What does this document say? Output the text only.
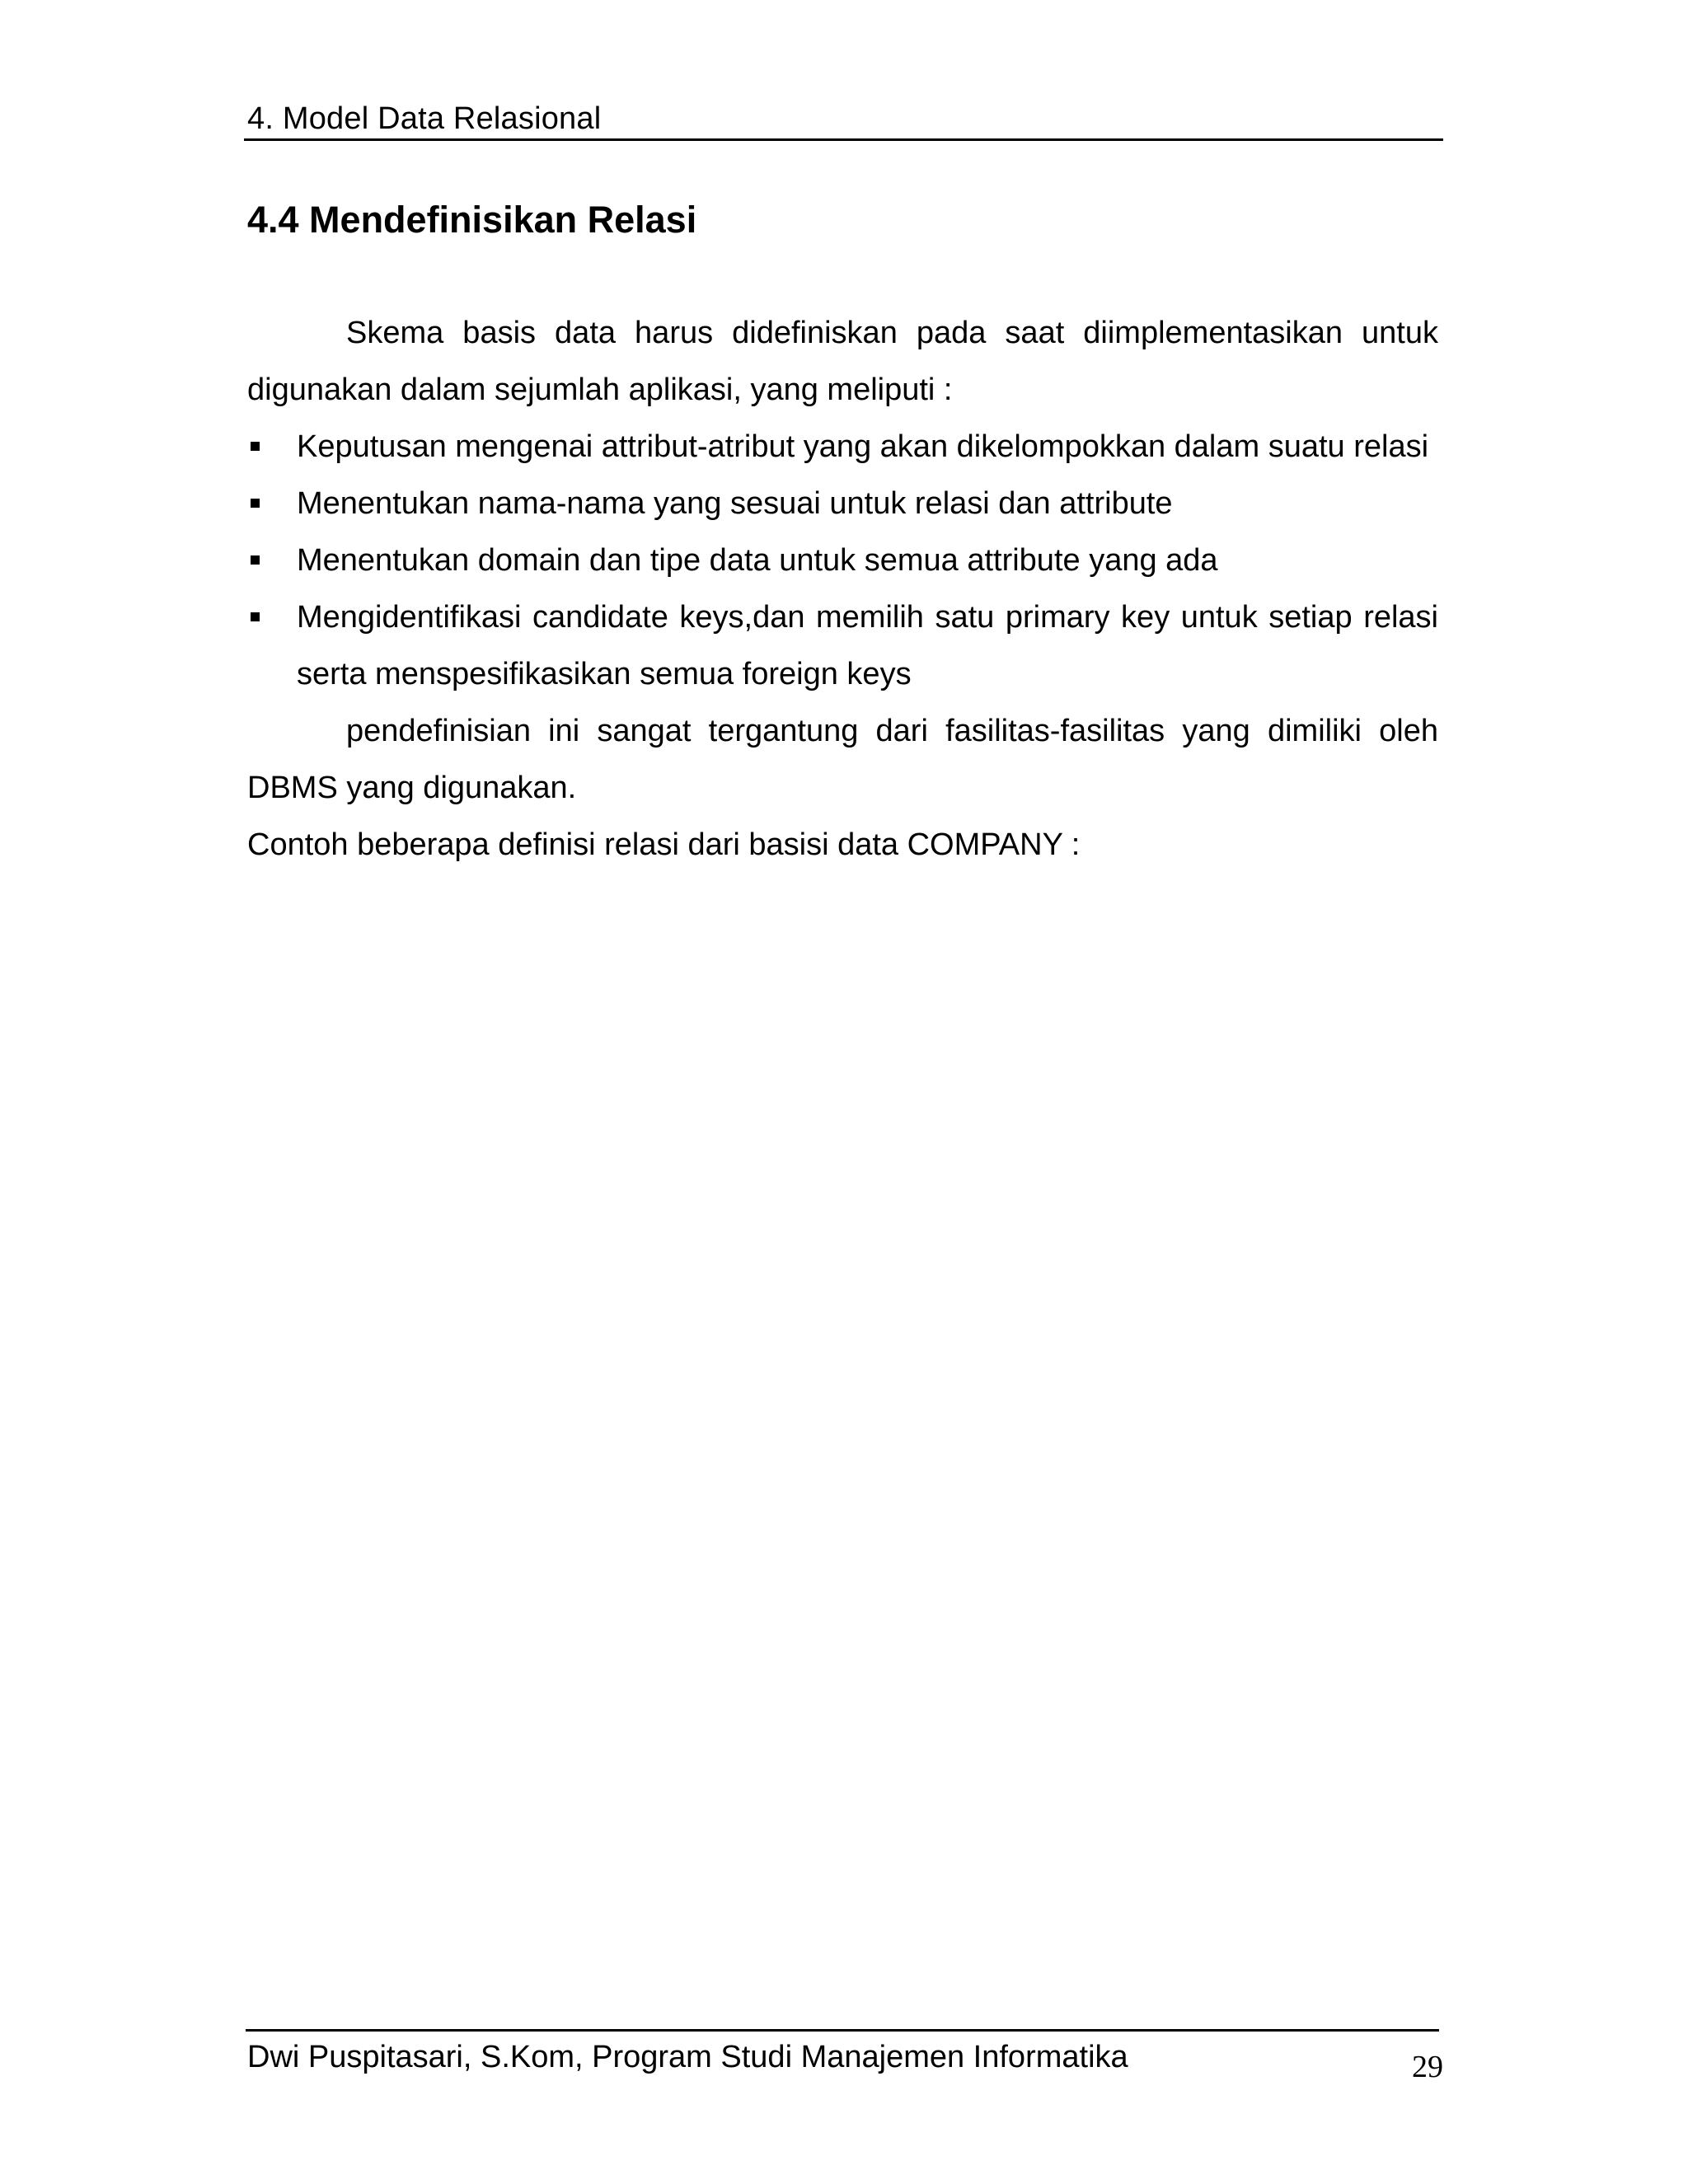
4. Model Data Relasional
4.4 Mendefinisikan Relasi

Skema basis data harus didefiniskan pada saat diimplementasikan untuk digunakan dalam sejumlah aplikasi, yang meliputi :

Keputusan mengenai attribut-atribut yang akan dikelompokkan dalam suatu relasi
Menentukan nama-nama yang sesuai untuk relasi dan attribute
Menentukan domain dan tipe data untuk semua attribute yang ada
Mengidentifikasi candidate keys,dan memilih satu primary key untuk setiap relasi serta menspesifikasikan semua foreign keys

pendefinisian ini sangat tergantung dari fasilitas-fasilitas yang dimiliki oleh DBMS yang digunakan.

Contoh beberapa definisi relasi dari basisi data COMPANY :

Dwi Puspitasari, S.Kom, Program Studi Manajemen Informatika	29
